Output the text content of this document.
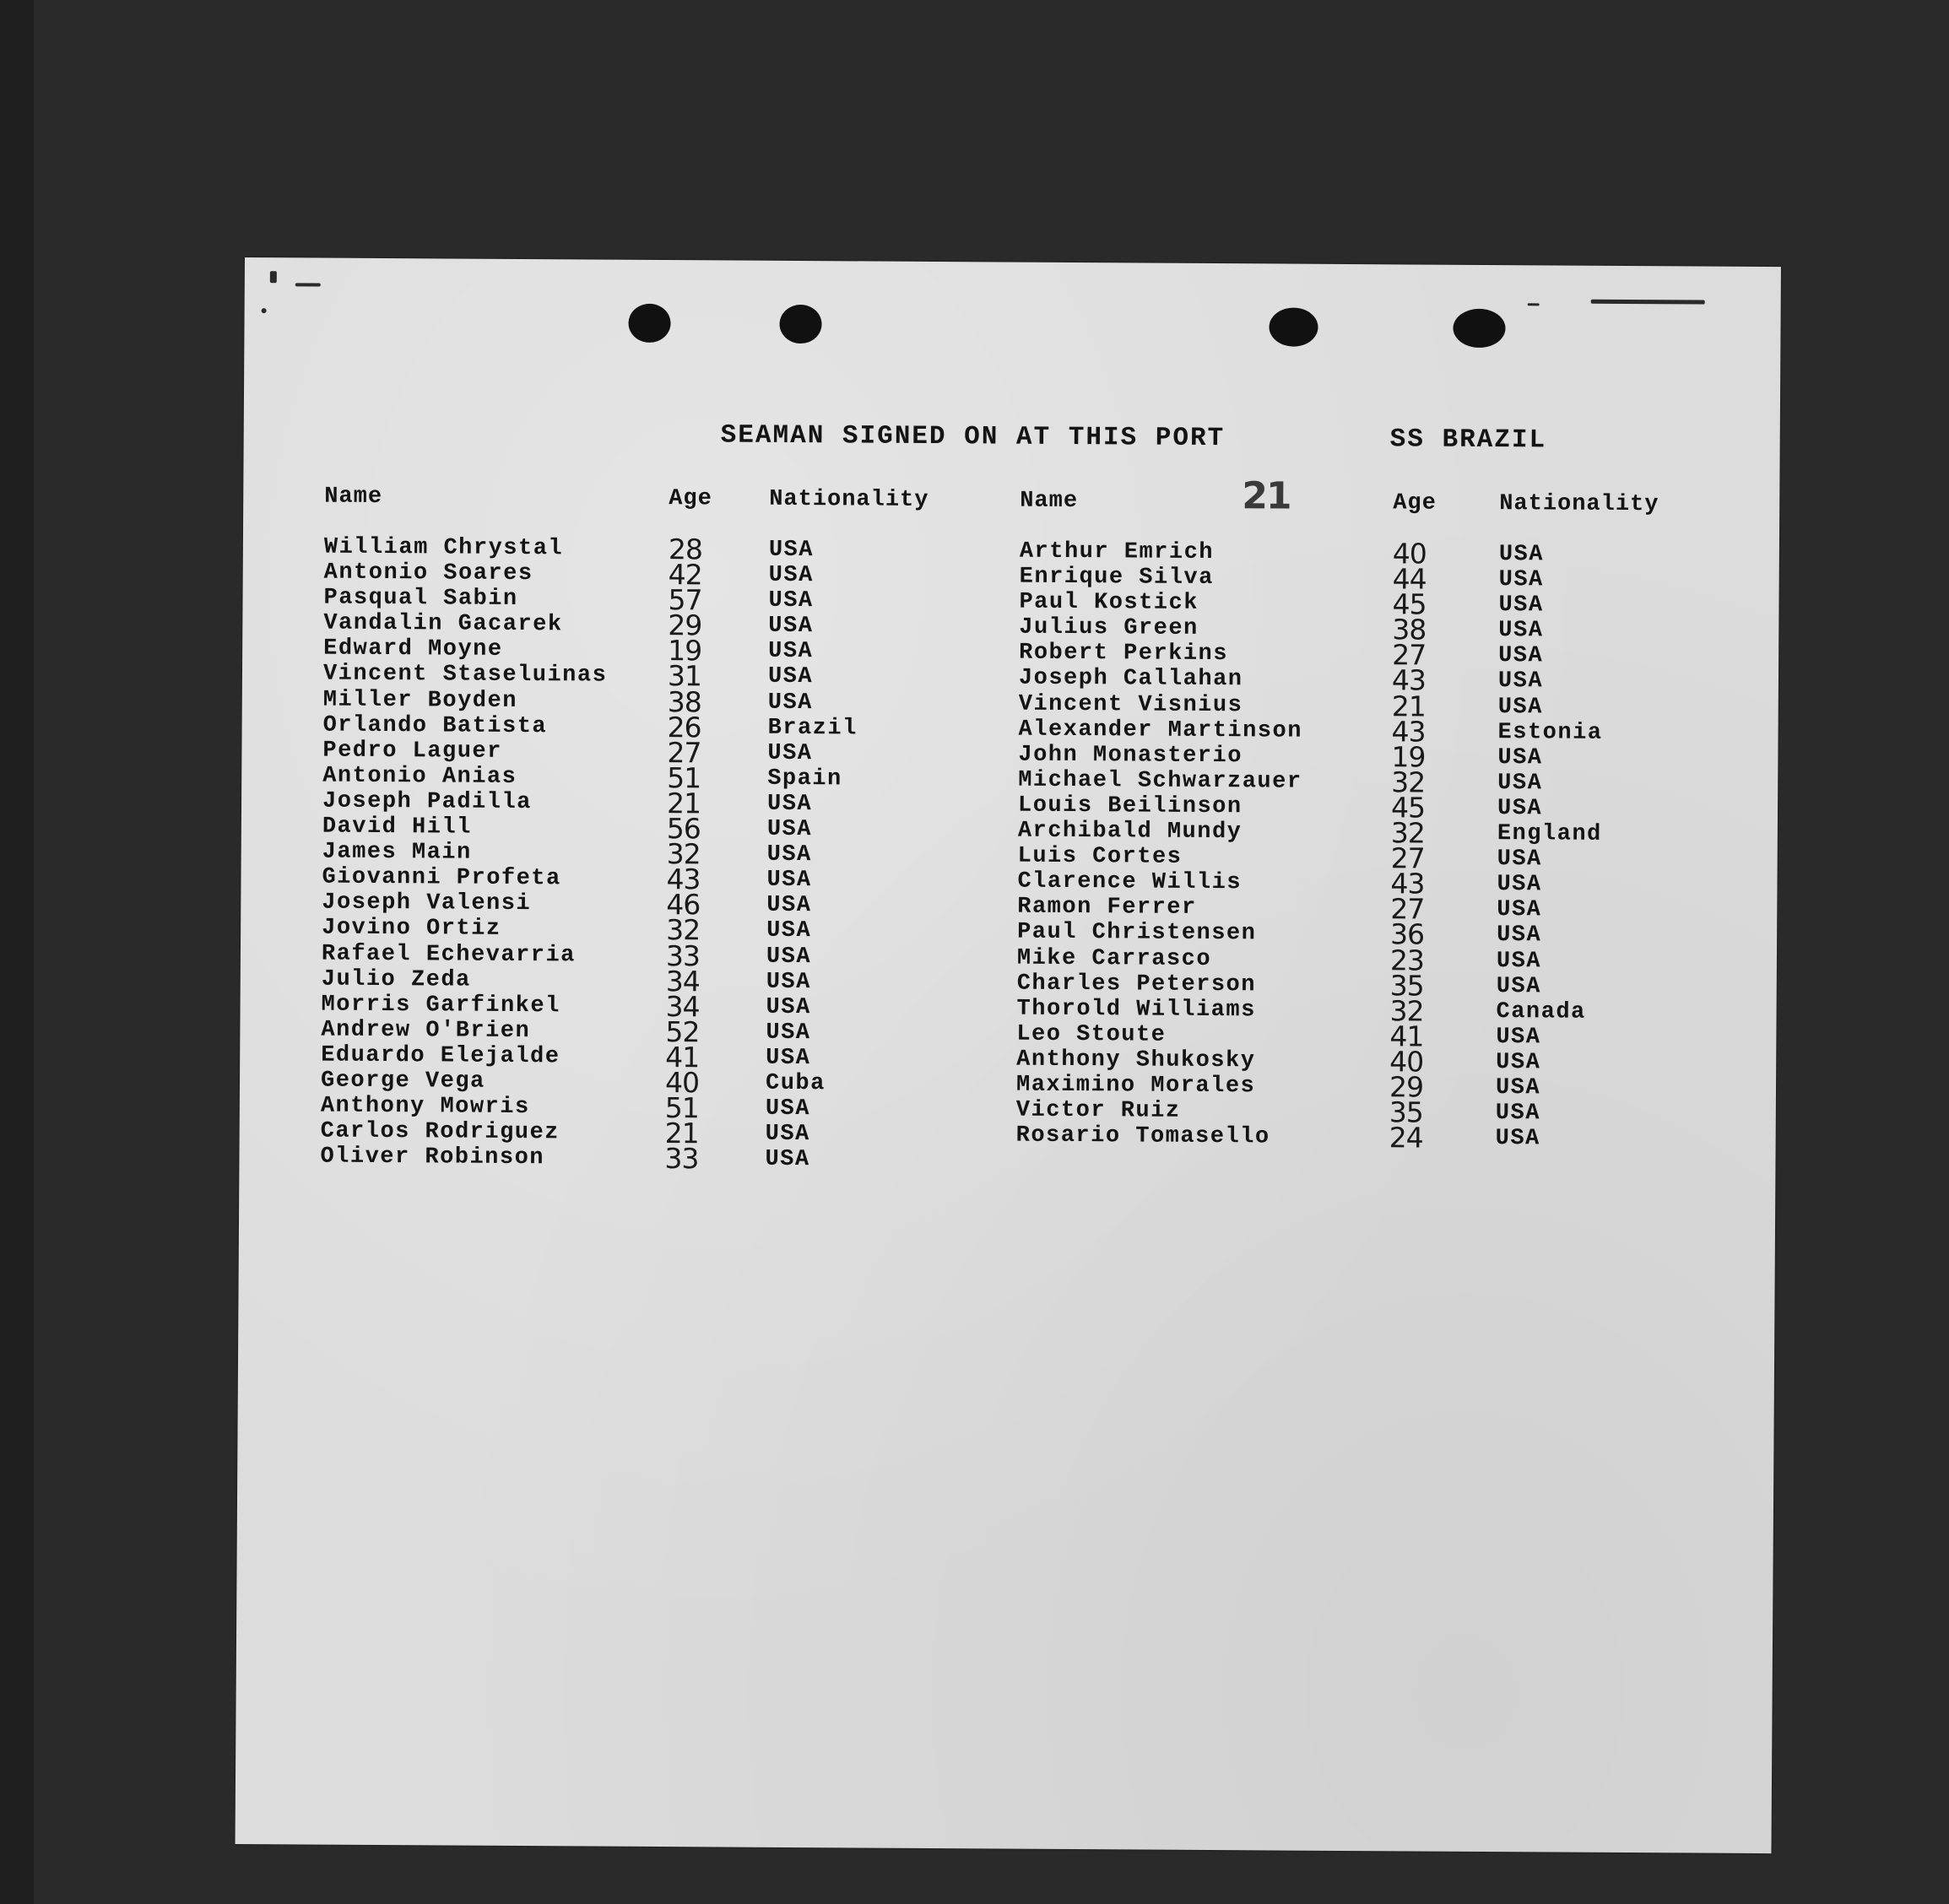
SEAMAN SIGNED ON AT THIS PORT	SS BRAZIL
21
Name	Age Nationality
William Chrystal	28	USA
Antonio Soares	42	USA
Pasqual Sabin	57	USA
Vandalin Gacarek	29	USA
Edward Moyne	19	USA
Vincent Staseluinas 31	USA
Miller Boyden	38	USA
Orlando Batista	26	Brazil
Pedro Laguer	27	USA
Antonio Anias	51	Spain
Joseph Padilla	21	USA
David Hill	56	USA
James Main	32	USA
Giovanni Profeta	43	USA
Joseph Valensi	46	USA
Jovino Ortiz	32	USA
Rafael Echevarria	33	USA
Julio Zeda	34	USA
Morris Garfinkel	34	USA
Andrew O'Brien	52	USA
Eduardo Elejalde	41	USA
George Vega	40	Cuba
Anthony Mowris	51	USA
Carlos Rodriguez	21	USA
Oliver Robinson	33	USA
Name	Age	Nationality
Arthur Emrich	40	USA
Enrique Silva	44	USA
Paul Kostick	45	USA
Julius Green	38	USA
Robert Perkins	27	USA
Joseph Callahan	43	USA
Vincent Visnius	21	USA
Alexander Martinson	43	Estonia
John Monasterio	19	USA
Michael Schwarzauer	32	USA
Louis Beilinson	45	USA
Archibald Mundy	32	England
Luis Cortes	27	USA
Clarence Willis	43	USA
Ramon Ferrer	27	USA
Paul Christensen	36	USA
Mike Carrasco	23	USA
Charles Peterson	35	USA
Thorold Williams	32	Canada
Leo Stoute	41	USA
Anthony Shukosky	40	USA
Maximino Morales	29	USA
Victor Ruiz	35	USA
Rosario Tomasello	24	USA
